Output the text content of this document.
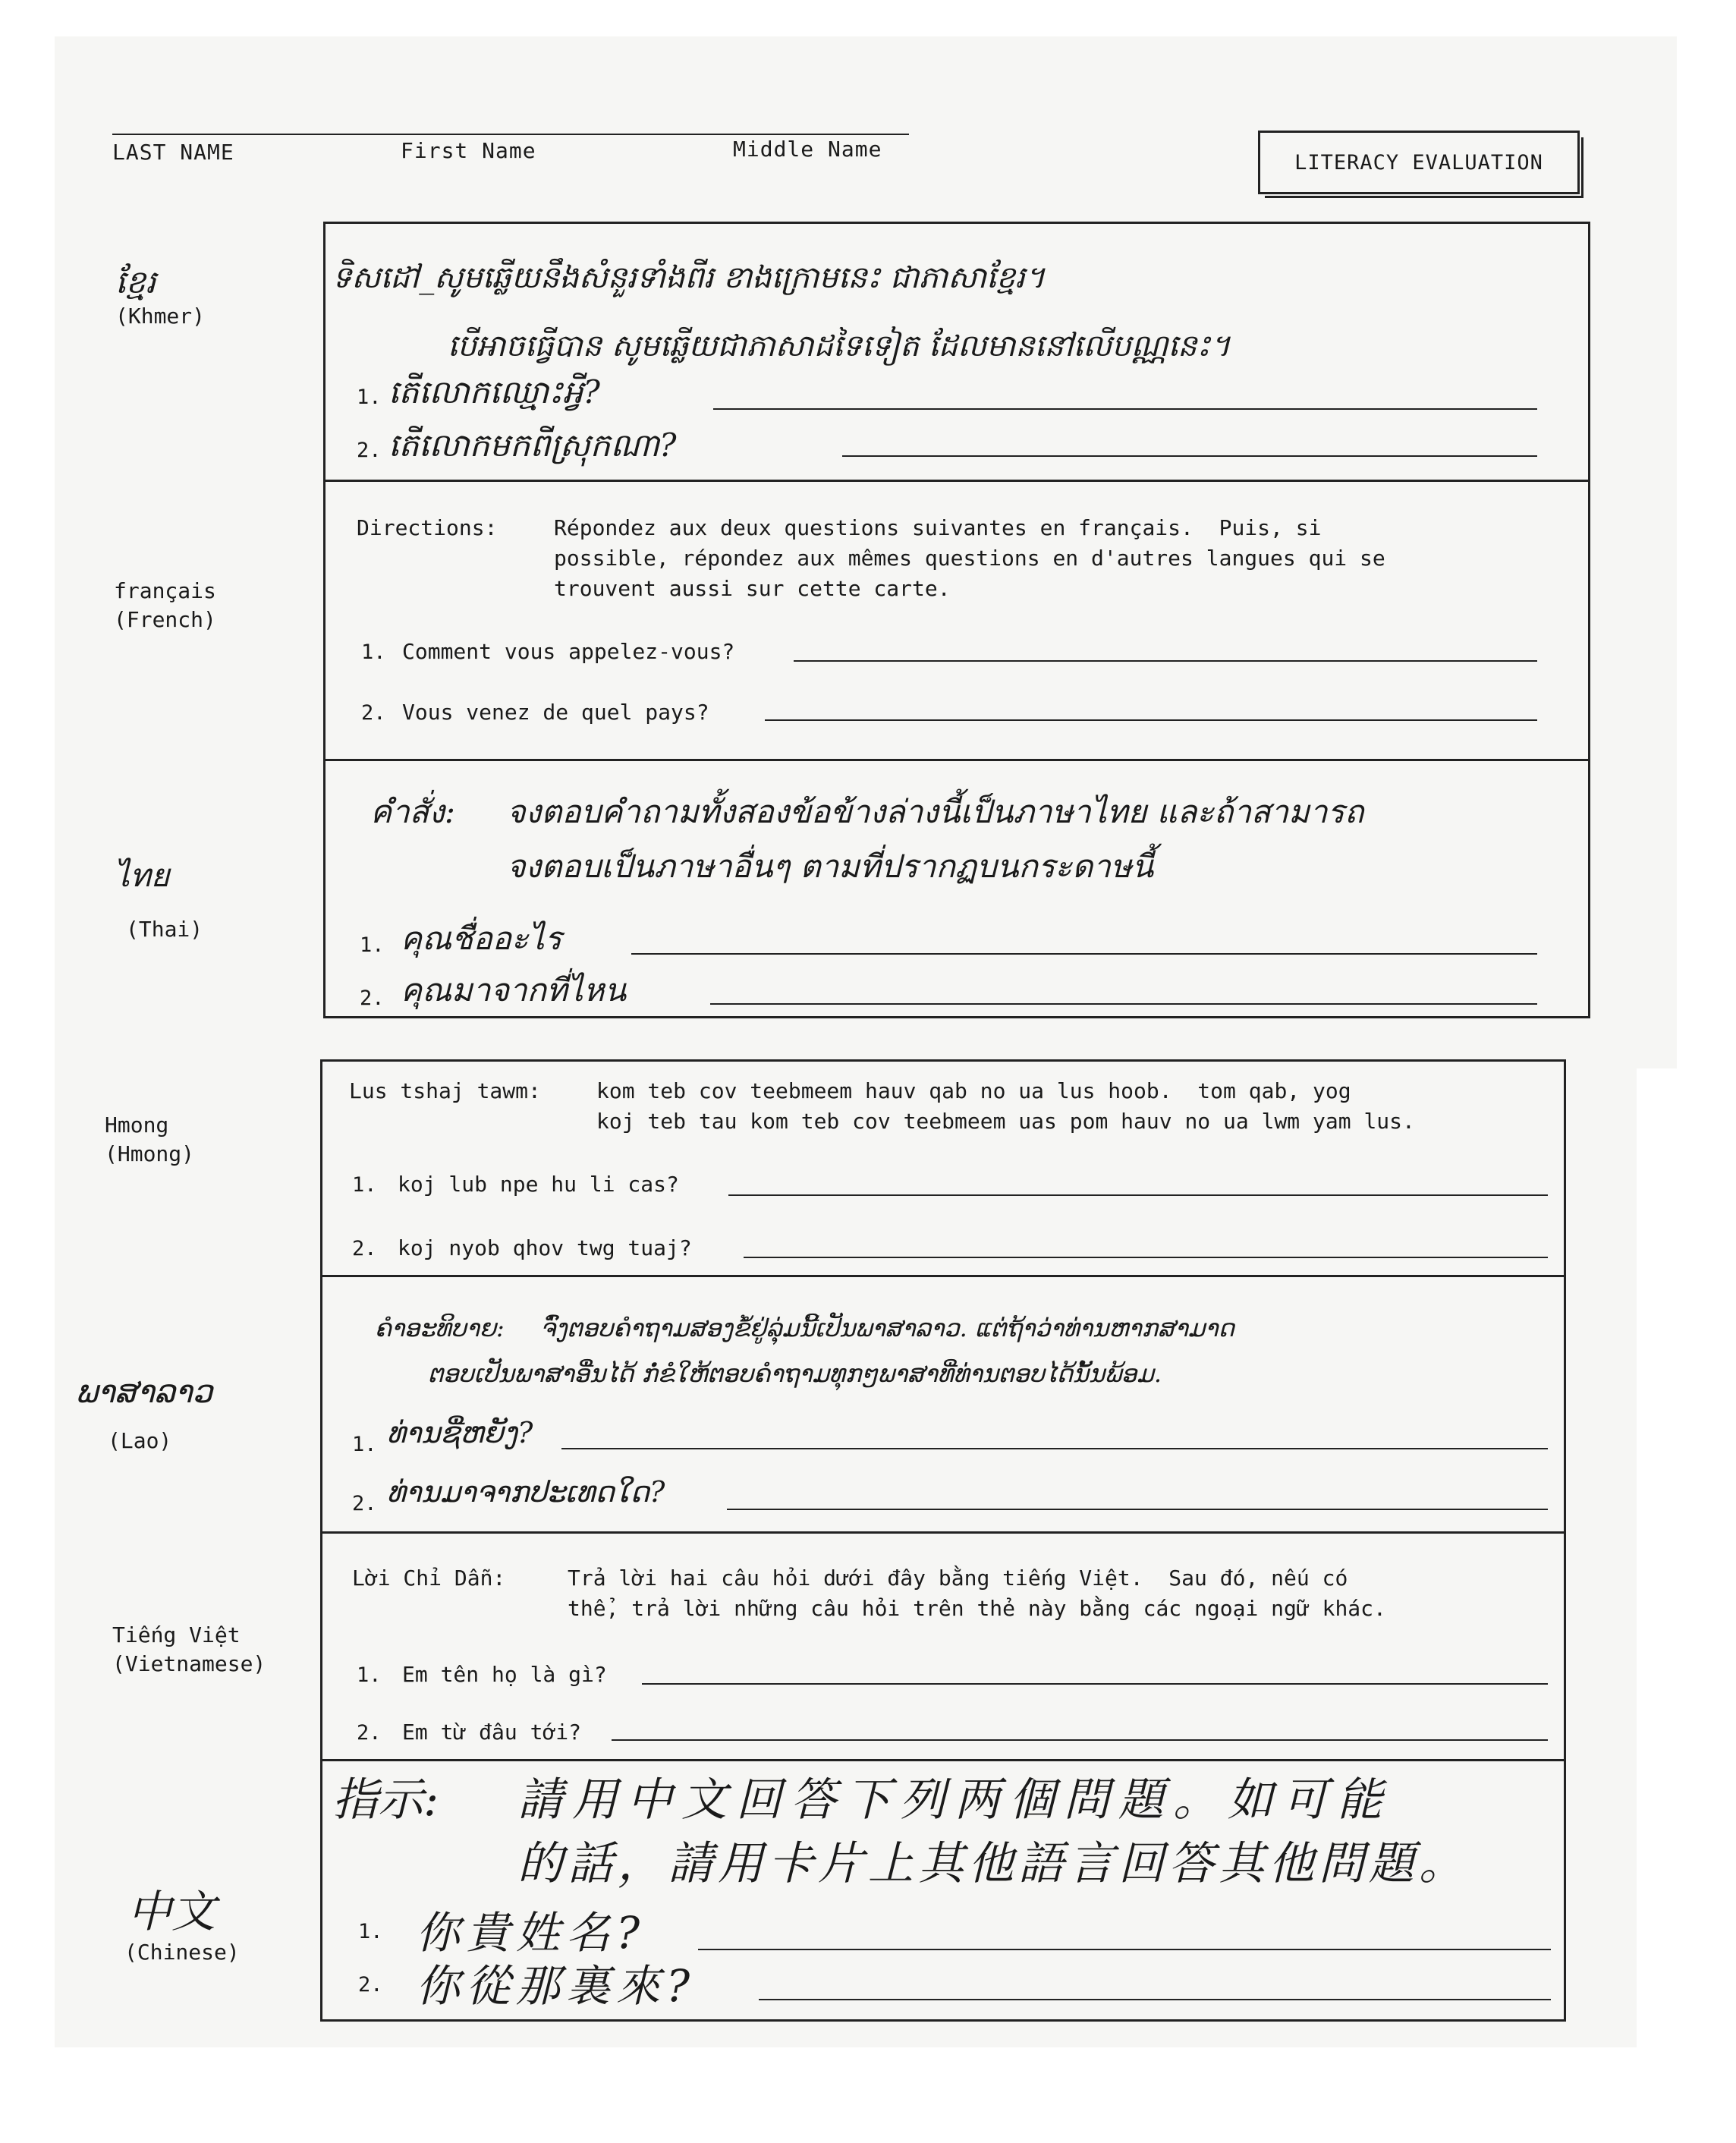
LAST NAME	First Name	Middle Name
LITERACY EVALUATION
ខ្មែរ
(Khmer)
ទិសដៅ_សូមឆ្លើយនឹងសំនួរទាំងពីរ ខាងក្រោមនេះ ជាភាសាខ្មែរ។
បើអាចធ្វើបាន សូមឆ្លើយជាភាសាដទៃទៀត ដែលមាននៅលើបណ្ណនេះ។
1. តើលោកឈ្មោះអ្វី?
2. តើលោកមកពីស្រុកណា?
français
(French)
Directions:	Répondez aux deux questions suivantes en français.  Puis, si
possible, répondez aux mêmes questions en d'autres langues qui se
trouvent aussi sur cette carte.
1. Comment vous appelez-vous?
2. Vous venez de quel pays?
ไทย
(Thai)
คำสั่ง: จงตอบคำถามทั้งสองข้อข้างล่างนี้เป็นภาษาไทย และถ้าสามารถ
จงตอบเป็นภาษาอื่นๆ ตามที่ปรากฏบนกระดาษนี้
1. คุณชื่ออะไร
2. คุณมาจากที่ไหน
Hmong
(Hmong)
Lus tshaj tawm:	kom teb cov teebmeem hauv qab no ua lus hoob.  tom qab, yog
koj teb tau kom teb cov teebmeem uas pom hauv no ua lwm yam lus.
1. koj lub npe hu li cas?
2. koj nyob qhov twg tuaj?
ພາສາລາວ
(Lao)
ຄຳອະທິບາຍ: ຈົ່ງຕອບຄຳຖາມສອງຂໍ້ຢູ່ລຸ່ມນີ້ເປັນພາສາລາວ. ແຕ່ຖ້າວ່າທ່ານຫາກສາມາດ
ຕອບເປັນພາສາອື່ນໄດ້ ກໍ່ຂໍໃຫ້ຕອບຄຳຖາມທຸກໆພາສາທີ່ທ່ານຕອບໄດ້ນັ້ນພ້ອມ.
1. ທ່ານຊື່ຫຍັງ?
2. ທ່ານມາຈາກປະເທດໃດ?
Tiếng Việt
(Vietnamese)
Lời Chỉ Dẫn:	Trả lời hai câu hỏi dưới đây bằng tiếng Việt.  Sau đó, nếu có
thể, trả lời những câu hỏi trên thẻ này bằng các ngoại ngữ khác.
1. Em tên họ là gì?
2. Em từ đâu tới?
中文
(Chinese)
指示: 請用中文回答下列两個問題。如可能
的話，請用卡片上其他語言回答其他問題。
1. 你貴姓名?
2. 你從那裏來?
